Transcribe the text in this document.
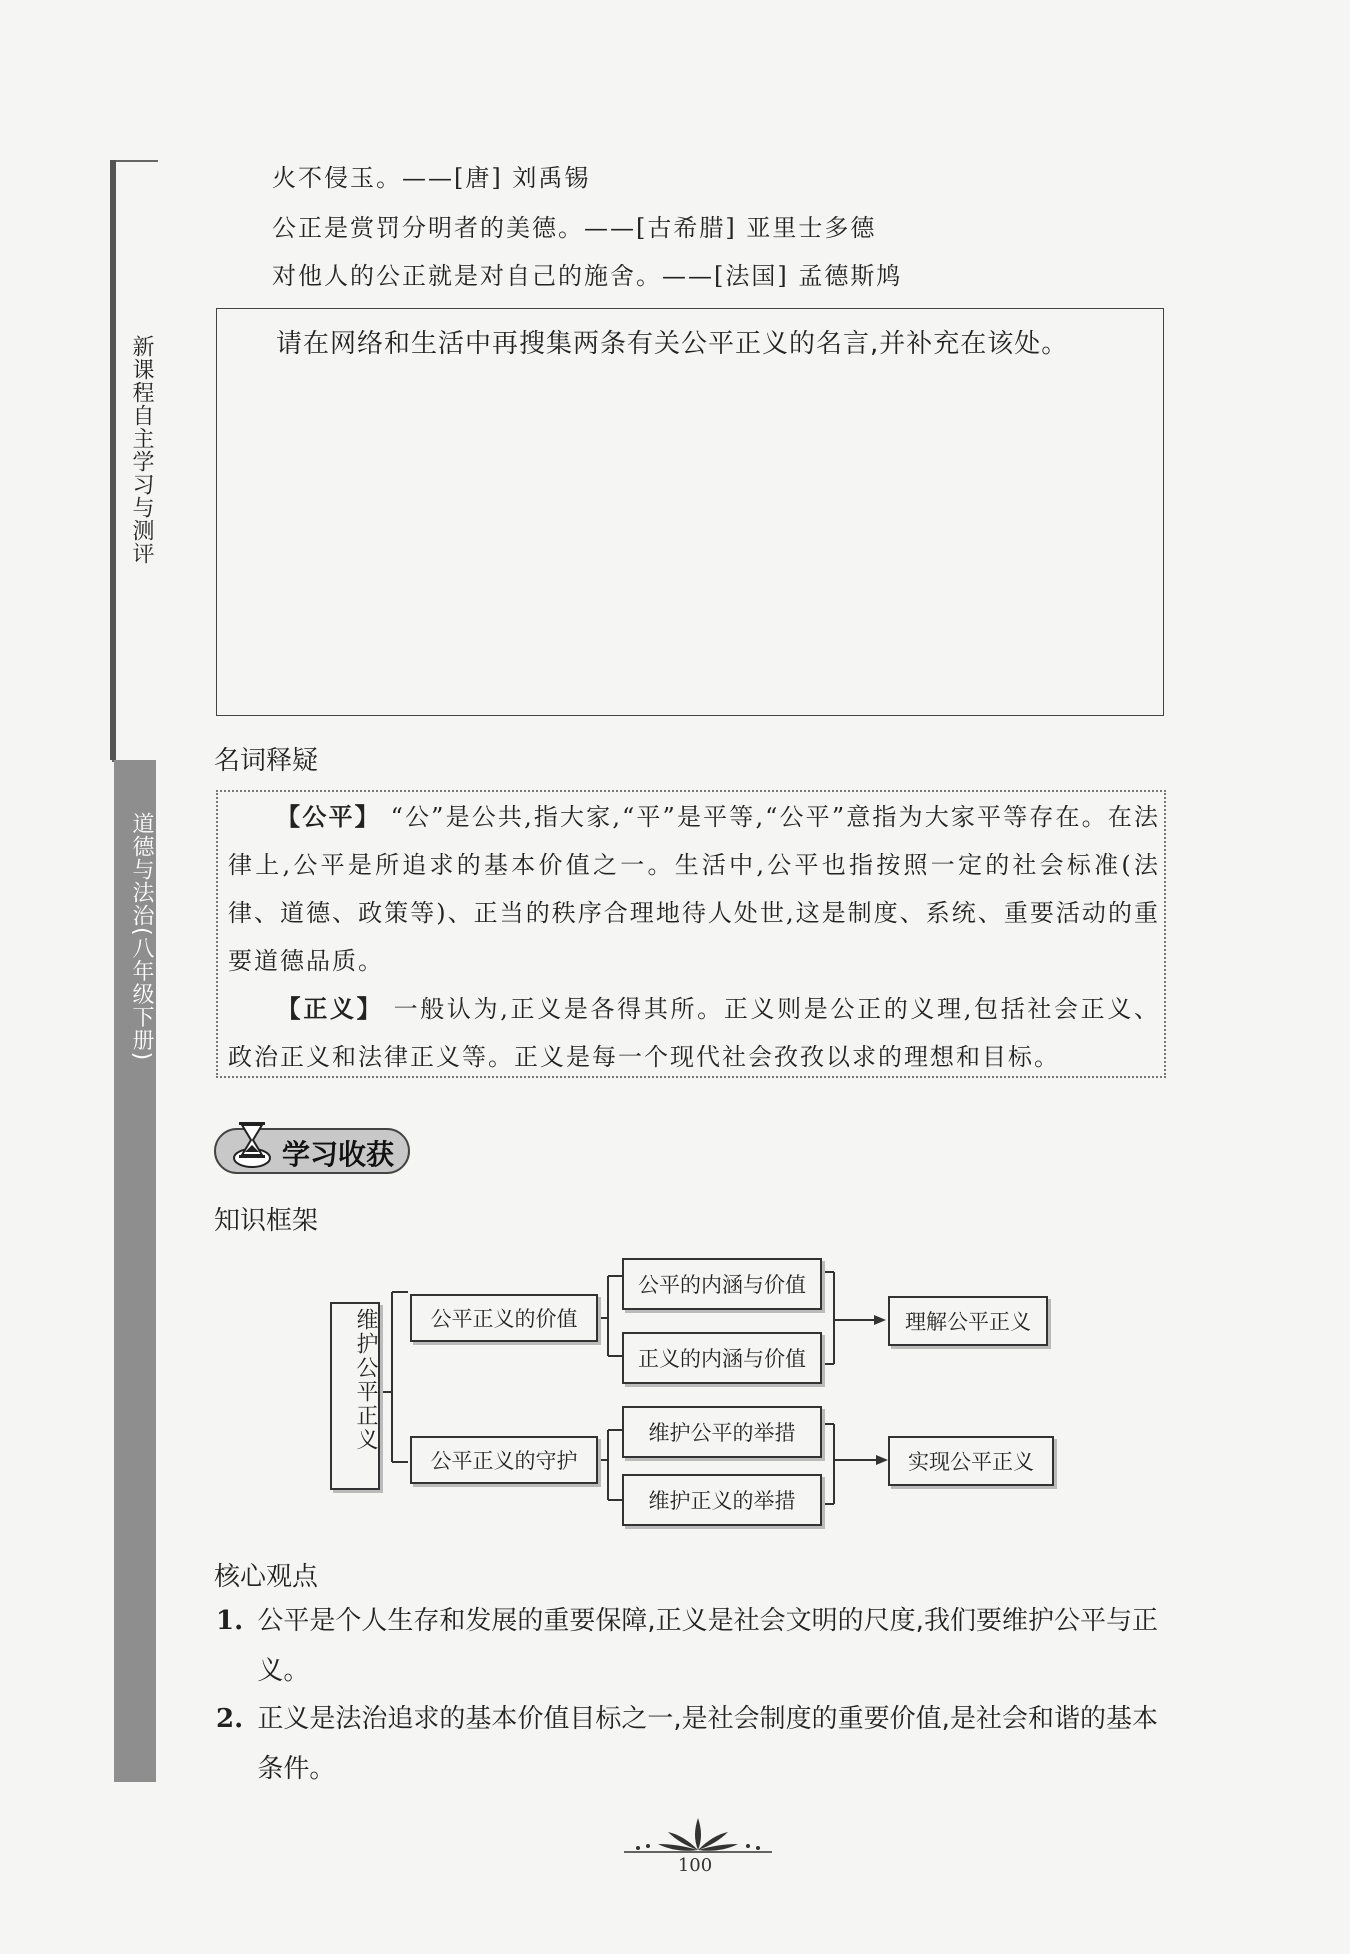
新课程自主学习与测评
道德与法治(八年级下册)
火不侵玉。——[唐] 刘禹锡
公正是赏罚分明者的美德。——[古希腊] 亚里士多德
对他人的公正就是对自己的施舍。——[法国] 孟德斯鸠
请在网络和生活中再搜集两条有关公平正义的名言,并补充在该处。
名词释疑
【公平】 “公”是公共,指大家,“平”是平等,“公平”意指为大家平等存在。在法律上,公平是所追求的基本价值之一。生活中,公平也指按照一定的社会标准(法律、道德、政策等)、正当的秩序合理地待人处世,这是制度、系统、重要活动的重要道德品质。
【正义】 一般认为,正义是各得其所。正义则是公正的义理,包括社会正义、政治正义和法律正义等。正义是每一个现代社会孜孜以求的理想和目标。
学习收获
知识框架
维护公平正义	公平正义的价值
公平正义的守护
公平的内涵与价值
正义的内涵与价值
维护公平的举措
维护正义的举措
理解公平正义
实现公平正义
核心观点
1. 公平是个人生存和发展的重要保障,正义是社会文明的尺度,我们要维护公平与正义。
2. 正义是法治追求的基本价值目标之一,是社会制度的重要价值,是社会和谐的基本条件。
100
